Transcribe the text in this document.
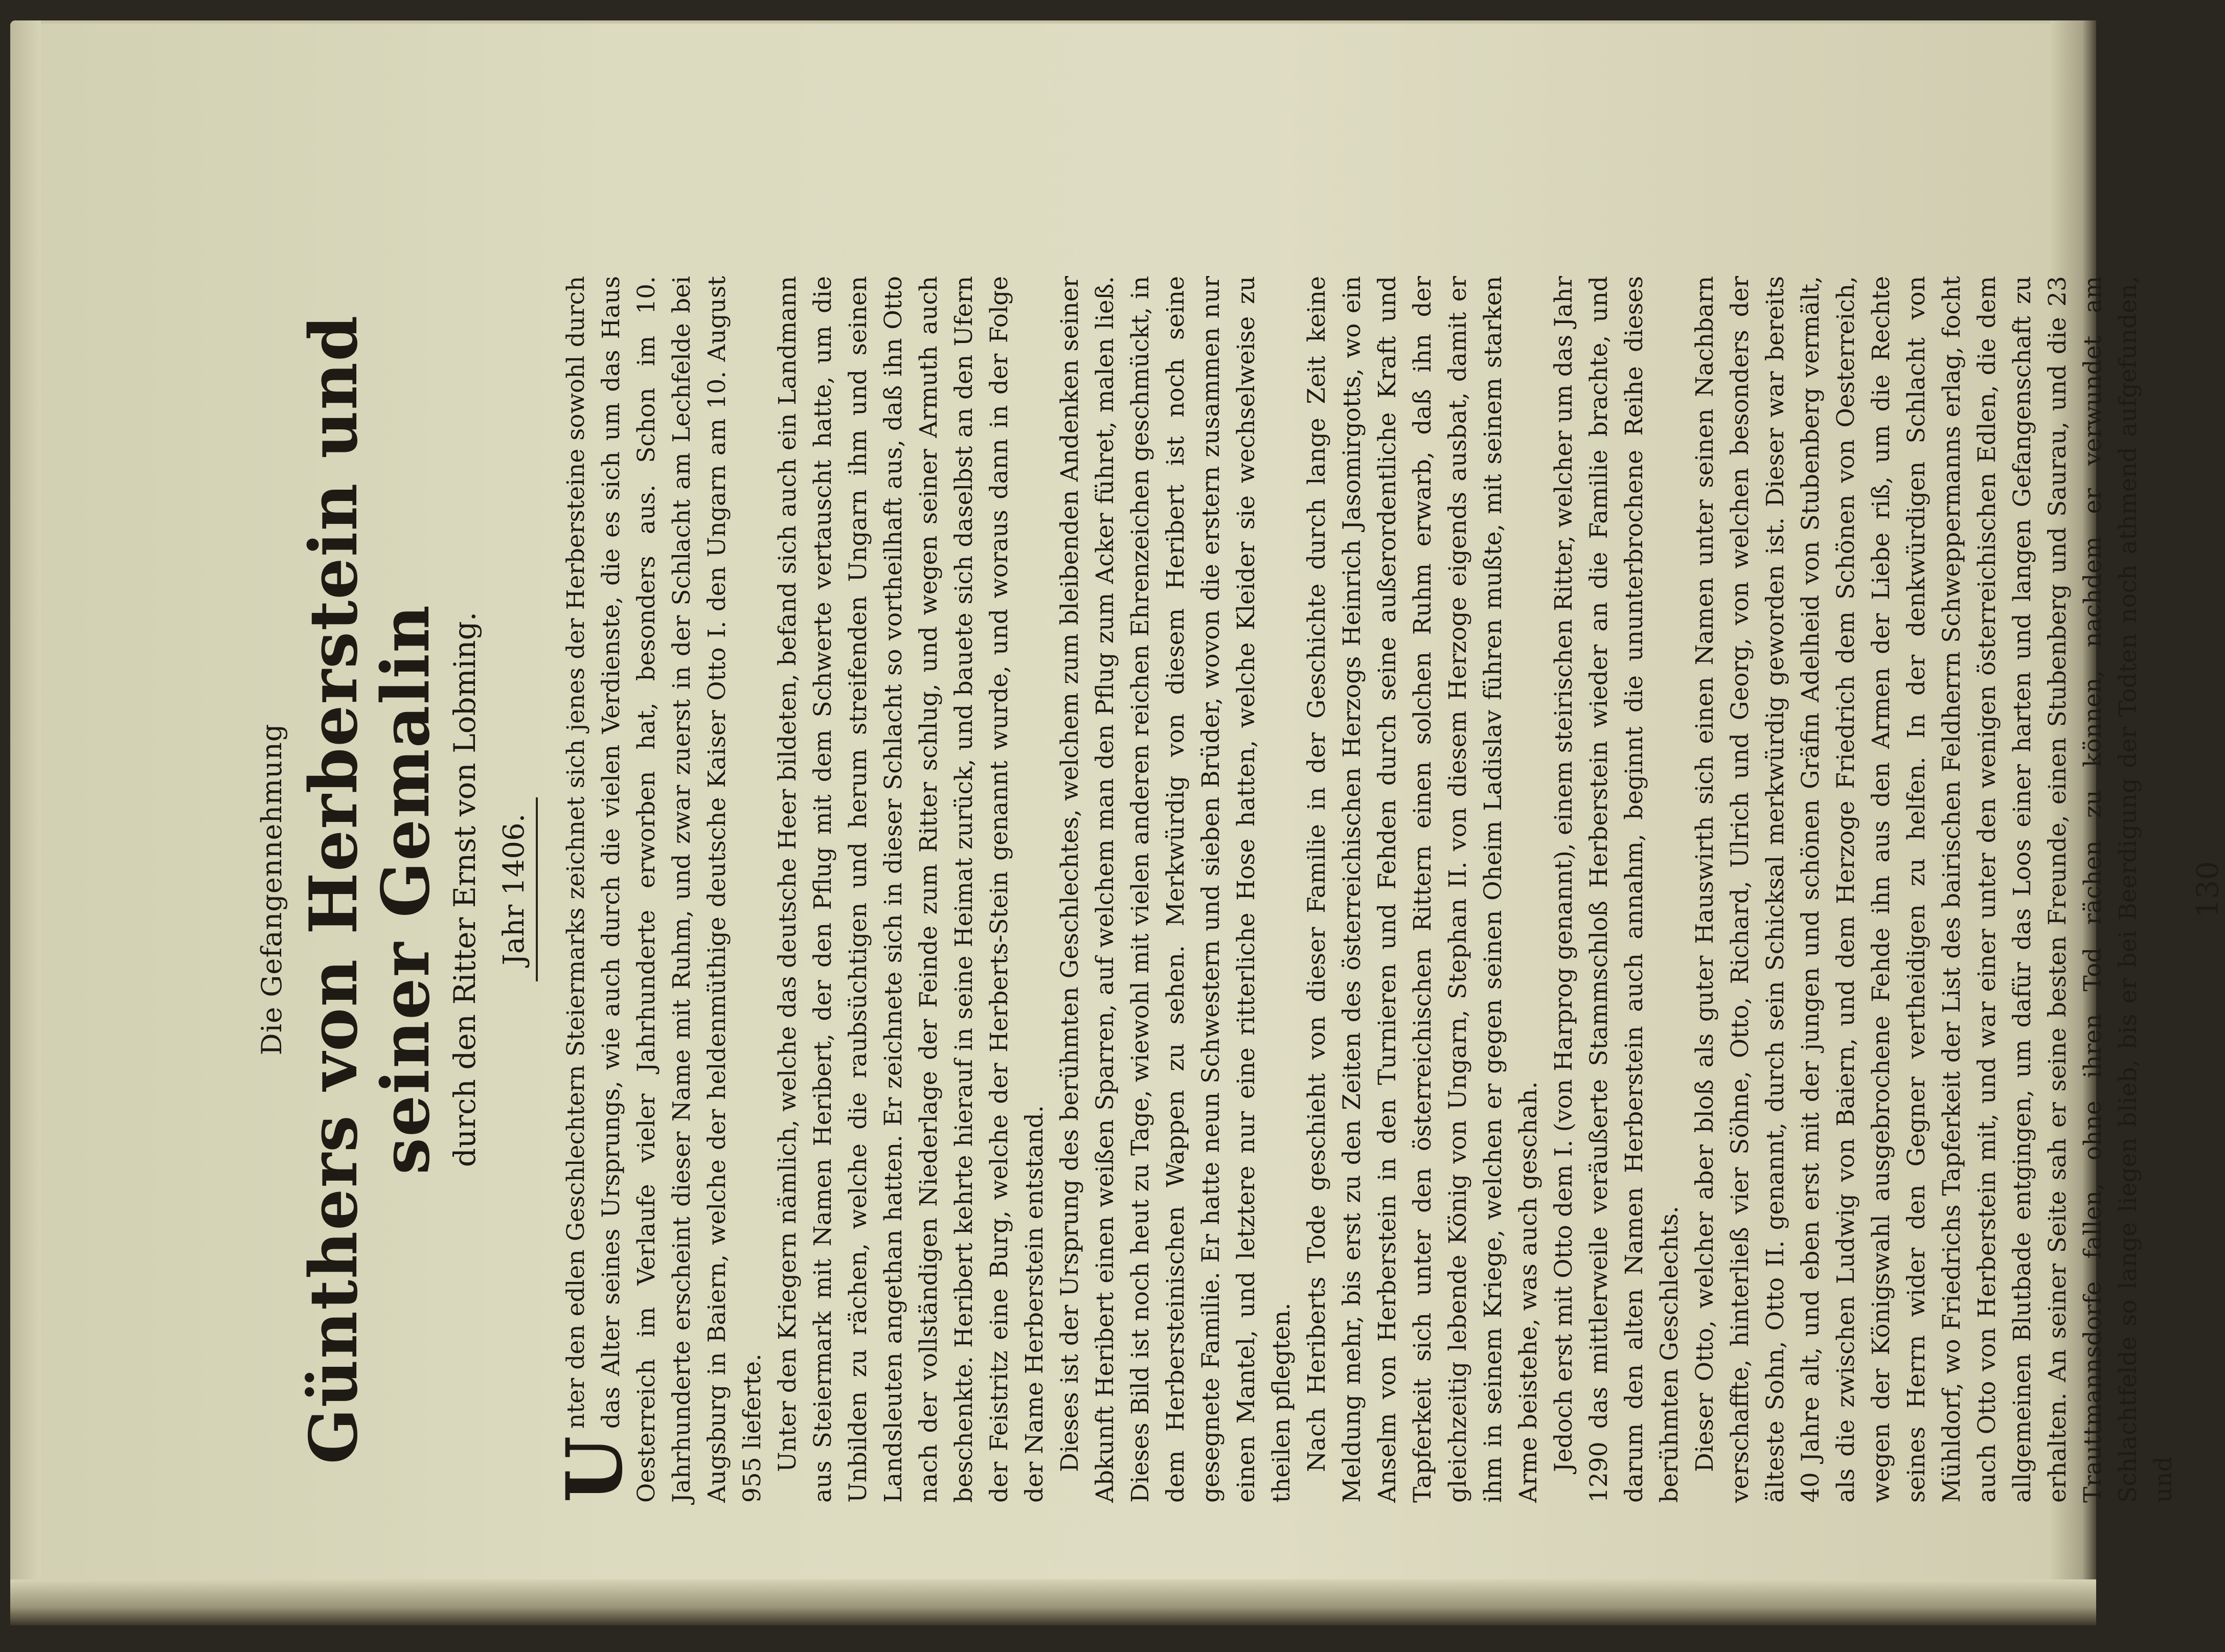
Die Gefangennehmung Günthers von Herberstein und seiner Gemalin durch den Ritter Ernst von Lobming. Jahr 1406.

U
nter den edlen Geschlechtern Steiermarks zeichnet sich jenes der Herbersteine sowohl durch das Alter seines Ursprungs, wie auch durch die vielen Verdienste, die es sich um das Haus Oesterreich im Verlaufe vieler Jahrhunderte erworben hat, besonders aus. Schon im 10. Jahrhunderte erscheint dieser Name mit Ruhm, und zwar zuerst in der Schlacht am Lechfelde bei Augsburg in Baiern, welche der heldenmüthige deutsche Kaiser Otto I. den Ungarn am 10. August 955 lieferte. Unter den Kriegern nämlich, welche das deutsche Heer bildeten, befand sich auch ein Landmann aus Steiermark mit Namen Heribert, der den Pflug mit dem Schwerte vertauscht hatte, um die Unbilden zu rächen, welche die raubsüchtigen und herum streifenden Ungarn ihm und seinen Landsleuten angethan hatten. Er zeichnete sich in dieser Schlacht so vortheilhaft aus, daß ihn Otto nach der vollständigen Niederlage der Feinde zum Ritter schlug, und wegen seiner Armuth auch beschenkte. Heribert kehrte hierauf in seine Heimat zurück, und bauete sich daselbst an den Ufern der Feistritz eine Burg, welche der Herberts-Stein genannt wurde, und woraus dann in der Folge der Name Herberstein entstand. Dieses ist der Ursprung des berühmten Geschlechtes, welchem zum bleibenden Andenken seiner Abkunft Heribert einen weißen Sparren, auf welchem man den Pflug zum Acker führet, malen ließ. Dieses Bild ist noch heut zu Tage, wiewohl mit vielen anderen reichen Ehrenzeichen geschmückt, in dem Herbersteinischen Wappen zu sehen. Merkwürdig von diesem Heribert ist noch seine gesegnete Familie. Er hatte neun Schwestern und sieben Brüder, wovon die erstern zusammen nur einen Mantel, und letztere nur eine ritterliche Hose hatten, welche Kleider sie wechselweise zu theilen pflegten. Nach Heriberts Tode geschieht von dieser Familie in der Geschichte durch lange Zeit keine Meldung mehr, bis erst zu den Zeiten des österreichischen Herzogs Heinrich Jasomirgotts, wo ein Anselm von Herberstein in den Turnieren und Fehden durch seine außerordentliche Kraft und Tapferkeit sich unter den österreichischen Rittern einen solchen Ruhm erwarb, daß ihn der gleichzeitig lebende König von Ungarn, Stephan II. von diesem Herzoge eigends ausbat, damit er ihm in seinem Kriege, welchen er gegen seinen Oheim Ladislav führen mußte, mit seinem starken Arme beistehe, was auch geschah. Jedoch erst mit Otto dem I. (von Harprog genannt), einem steirischen Ritter, welcher um das Jahr 1290 das mittlerweile veräußerte Stammschloß Herberstein wieder an die Familie brachte, und darum den alten Namen Herberstein auch annahm, beginnt die ununterbrochene Reihe dieses berühmten Geschlechts. Dieser Otto, welcher aber bloß als guter Hauswirth sich einen Namen unter seinen Nachbarn verschaffte, hinterließ vier Söhne, Otto, Richard, Ulrich und Georg, von welchen besonders der älteste Sohn, Otto II. genannt, durch sein Schicksal merkwürdig geworden ist. Dieser war bereits 40 Jahre alt, und eben erst mit der jungen und schönen Gräfin Adelheid von Stubenberg vermält, als die zwischen Ludwig von Baiern, und dem Herzoge Friedrich dem Schönen von Oesterreich, wegen der Königswahl ausgebrochene Fehde ihn aus den Armen der Liebe riß, um die Rechte seines Herrn wider den Gegner vertheidigen zu helfen. In der denkwürdigen Schlacht von Mühldorf, wo Friedrichs Tapferkeit der List des bairischen Feldherrn Schweppermanns erlag, focht auch Otto von Herberstein mit, und war einer unter den wenigen österreichischen Edlen, die dem allgemeinen Blutbade entgingen, um dafür das Loos einer harten und langen Gefangenschaft zu erhalten. An seiner Seite sah er seine besten Freunde, einen Stubenberg und Saurau, und die 23 Trauttmannsdorfe fallen, ohne ihren Tod rächen zu können, nachdem er verwundet am Schlachtfelde so lange liegen blieb, bis er bei Beerdigung der Todten noch athmend aufgefunden, und

130
